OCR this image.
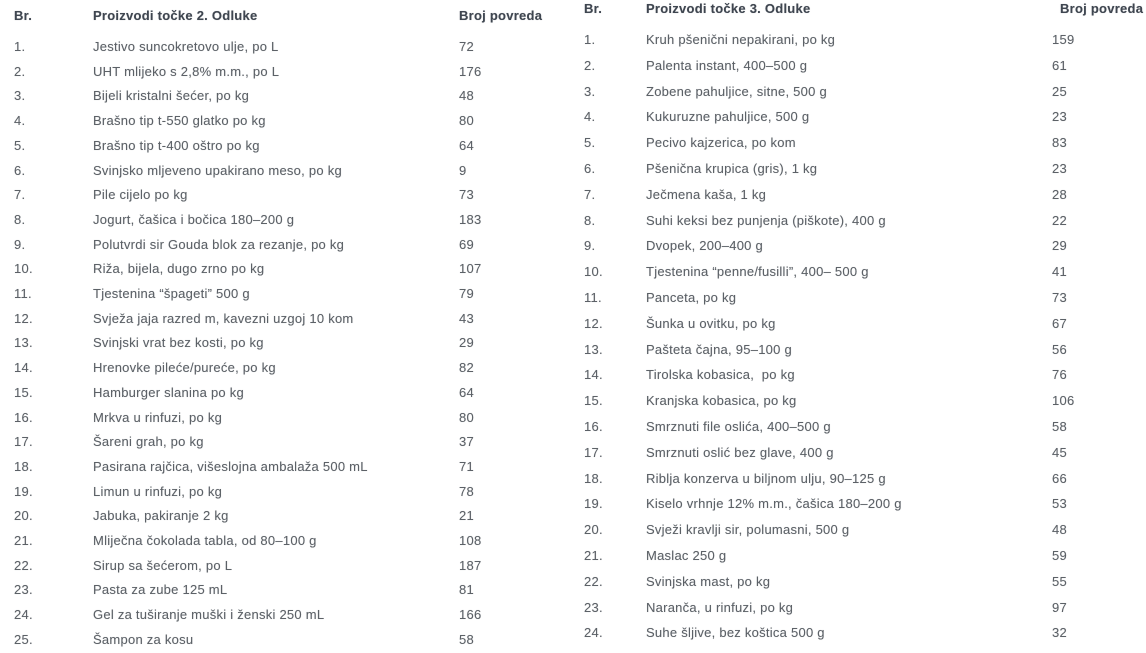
Br.	Proizvodi točke 2. Odluke	Broj povreda
1.	Jestivo suncokretovo ulje, po L	72
2.	UHT mlijeko s 2,8% m.m., po L	176
3.	Bijeli kristalni šećer, po kg	48
4.	Brašno tip t-550 glatko po kg	80
5.	Brašno tip t-400 oštro po kg	64
6.	Svinjsko mljeveno upakirano meso, po kg	9
7.	Pile cijelo po kg	73
8.	Jogurt, čašica i bočica 180–200 g	183
9.	Polutvrdi sir Gouda blok za rezanje, po kg	69
10.	Riža, bijela, dugo zrno po kg	107
11.	Tjestenina “špageti” 500 g	79
12.	Svježa jaja razred m, kavezni uzgoj 10 kom	43
13.	Svinjski vrat bez kosti, po kg	29
14.	Hrenovke pileće/pureće, po kg	82
15.	Hamburger slanina po kg	64
16.	Mrkva u rinfuzi, po kg	80
17.	Šareni grah, po kg	37
18.	Pasirana rajčica, višeslojna ambalaža 500 mL	71
19.	Limun u rinfuzi, po kg	78
20.	Jabuka, pakiranje 2 kg	21
21.	Mliječna čokolada tabla, od 80–100 g	108
22.	Sirup sa šećerom, po L	187
23.	Pasta za zube 125 mL	81
24.	Gel za tuširanje muški i ženski 250 mL	166
25.	Šampon za kosu	58
Br.	Proizvodi točke 3. Odluke	Broj povreda
1.	Kruh pšenični nepakirani, po kg	159
2.	Palenta instant, 400–500 g	61
3.	Zobene pahuljice, sitne, 500 g	25
4.	Kukuruzne pahuljice, 500 g	23
5.	Pecivo kajzerica, po kom	83
6.	Pšenična krupica (gris), 1 kg	23
7.	Ječmena kaša, 1 kg	28
8.	Suhi keksi bez punjenja (piškote), 400 g	22
9.	Dvopek, 200–400 g	29
10.	Tjestenina “penne/fusilli”, 400– 500 g	41
11.	Panceta, po kg	73
12.	Šunka u ovitku, po kg	67
13.	Pašteta čajna, 95–100 g	56
14.	Tirolska kobasica,  po kg	76
15.	Kranjska kobasica, po kg	106
16.	Smrznuti file oslića, 400–500 g	58
17.	Smrznuti oslić bez glave, 400 g	45
18.	Riblja konzerva u biljnom ulju, 90–125 g	66
19.	Kiselo vrhnje 12% m.m., čašica 180–200 g	53
20.	Svježi kravlji sir, polumasni, 500 g	48
21.	Maslac 250 g	59
22.	Svinjska mast, po kg	55
23.	Naranča, u rinfuzi, po kg	97
24.	Suhe šljive, bez koštica 500 g	32
